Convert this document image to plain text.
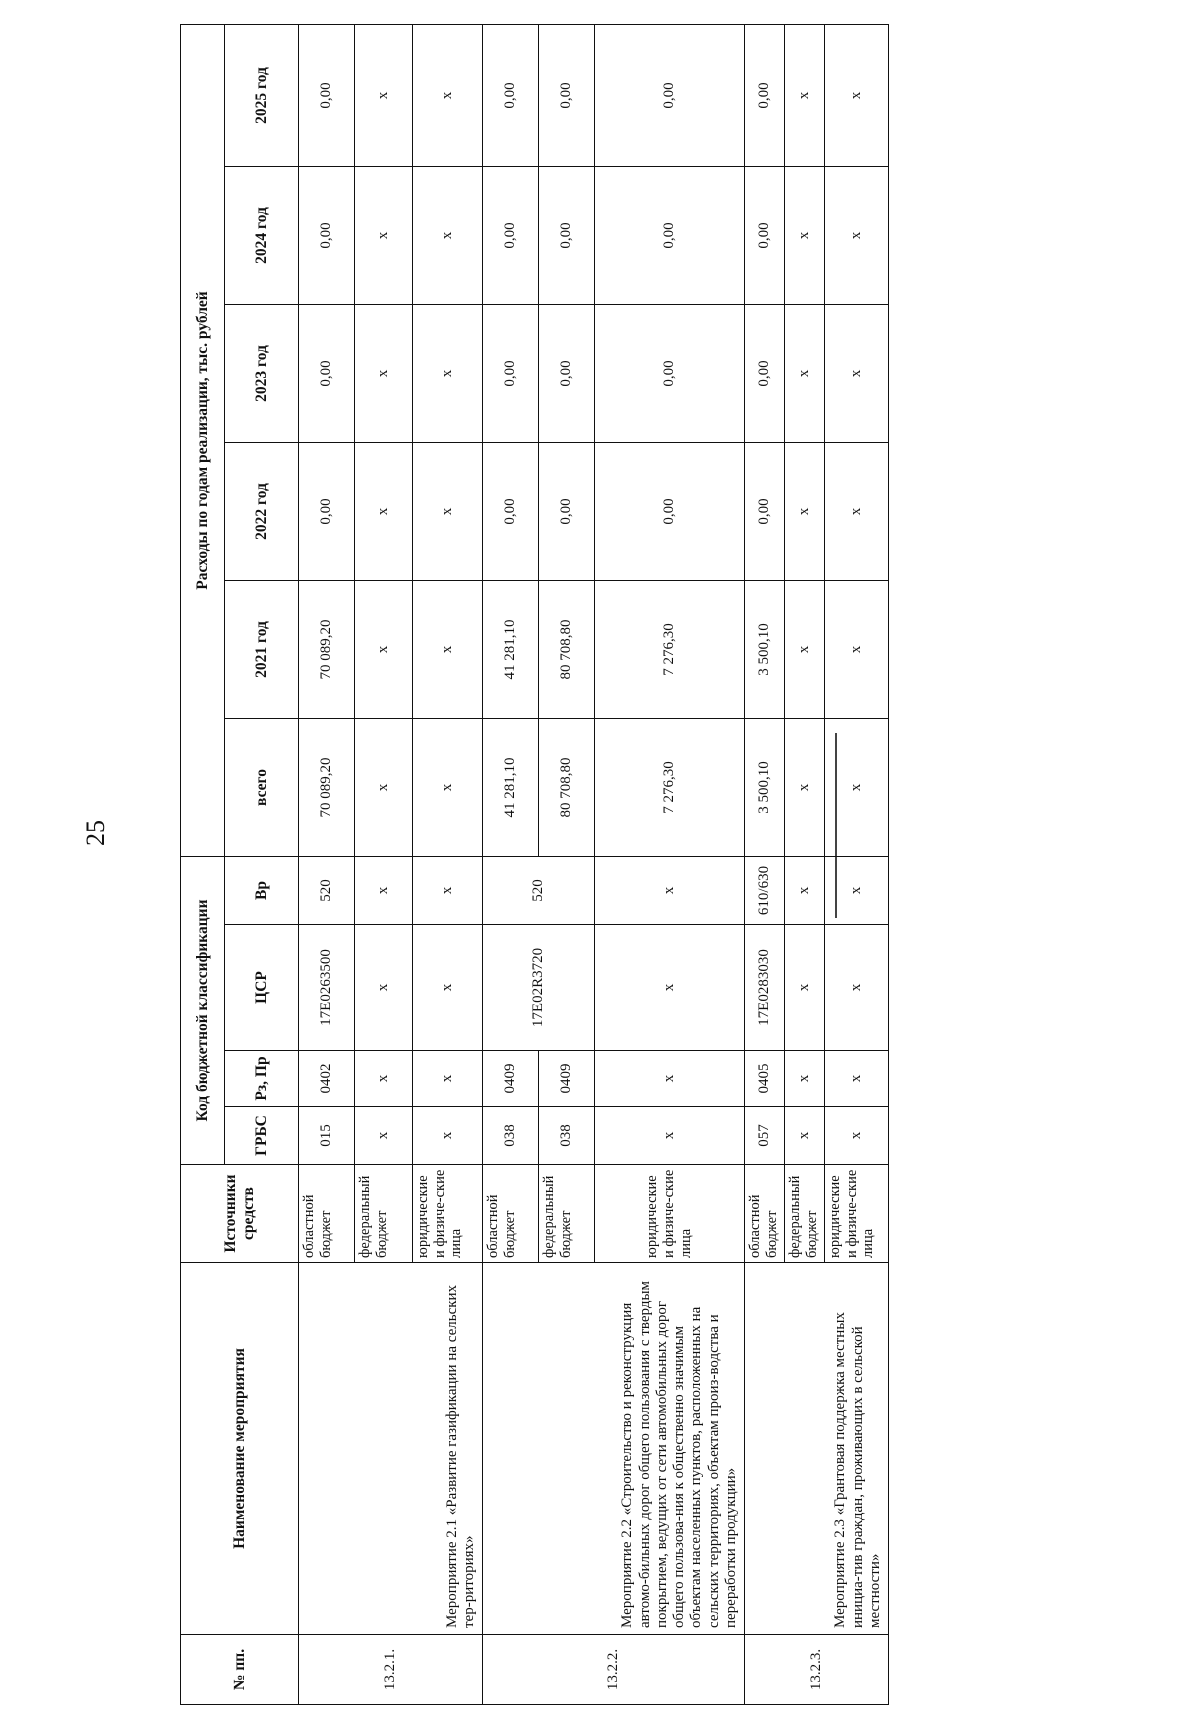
25
№ пп.	Наименование мероприятия	Источники средств	Код бюджетной классификации				Расходы по годам реализации, тыс. рублей					
			ГРБС	Рз, Пр	ЦСР	Вр	всего	2021 год	2022 год	2023 год	2024 год	2025 год
13.2.1.	Мероприятие 2.1 «Развитие газификации на сельских тер-риториях»	областной бюджет	015	0402	17Е0263500	520	70 089,20	70 089,20	0,00	0,00	0,00	0,00
		федеральный бюджет	х	х	х	х	х	х	х	х	х	х
		юридические и физиче-ские лица	х	х	х	х	х	х	х	х	х	х
13.2.2.	Мероприятие 2.2 «Строительство и реконструкция автомо-бильных дорог общего пользования с твердым покрытием, ведущих от сети автомобильных дорог общего пользова-ния к общественно значимым объектам населенных пунктов, расположенных на сельских территориях, объектам произ-водства и переработки продукции»	областной бюджет	038	0409	17Е02R3720	520	41 281,10	41 281,10	0,00	0,00	0,00	0,00
		федеральный бюджет	038	0409			80 708,80	80 708,80	0,00	0,00	0,00	0,00
		юридические и физиче-ские лица	х	х	х	х	7 276,30	7 276,30	0,00	0,00	0,00	0,00
13.2.3.	Мероприятие 2.3 «Грантовая поддержка местных инициа-тив граждан, проживающих в сельской местности»	областной бюджет	057	0405	17Е0283030	610/630	3 500,10	3 500,10	0,00	0,00	0,00	0,00
		федеральный бюджет	х	х	х	х	х	х	х	х	х	х
		юридические и физиче-ские лица	х	х	х	х	х	х	х	х	х	х
